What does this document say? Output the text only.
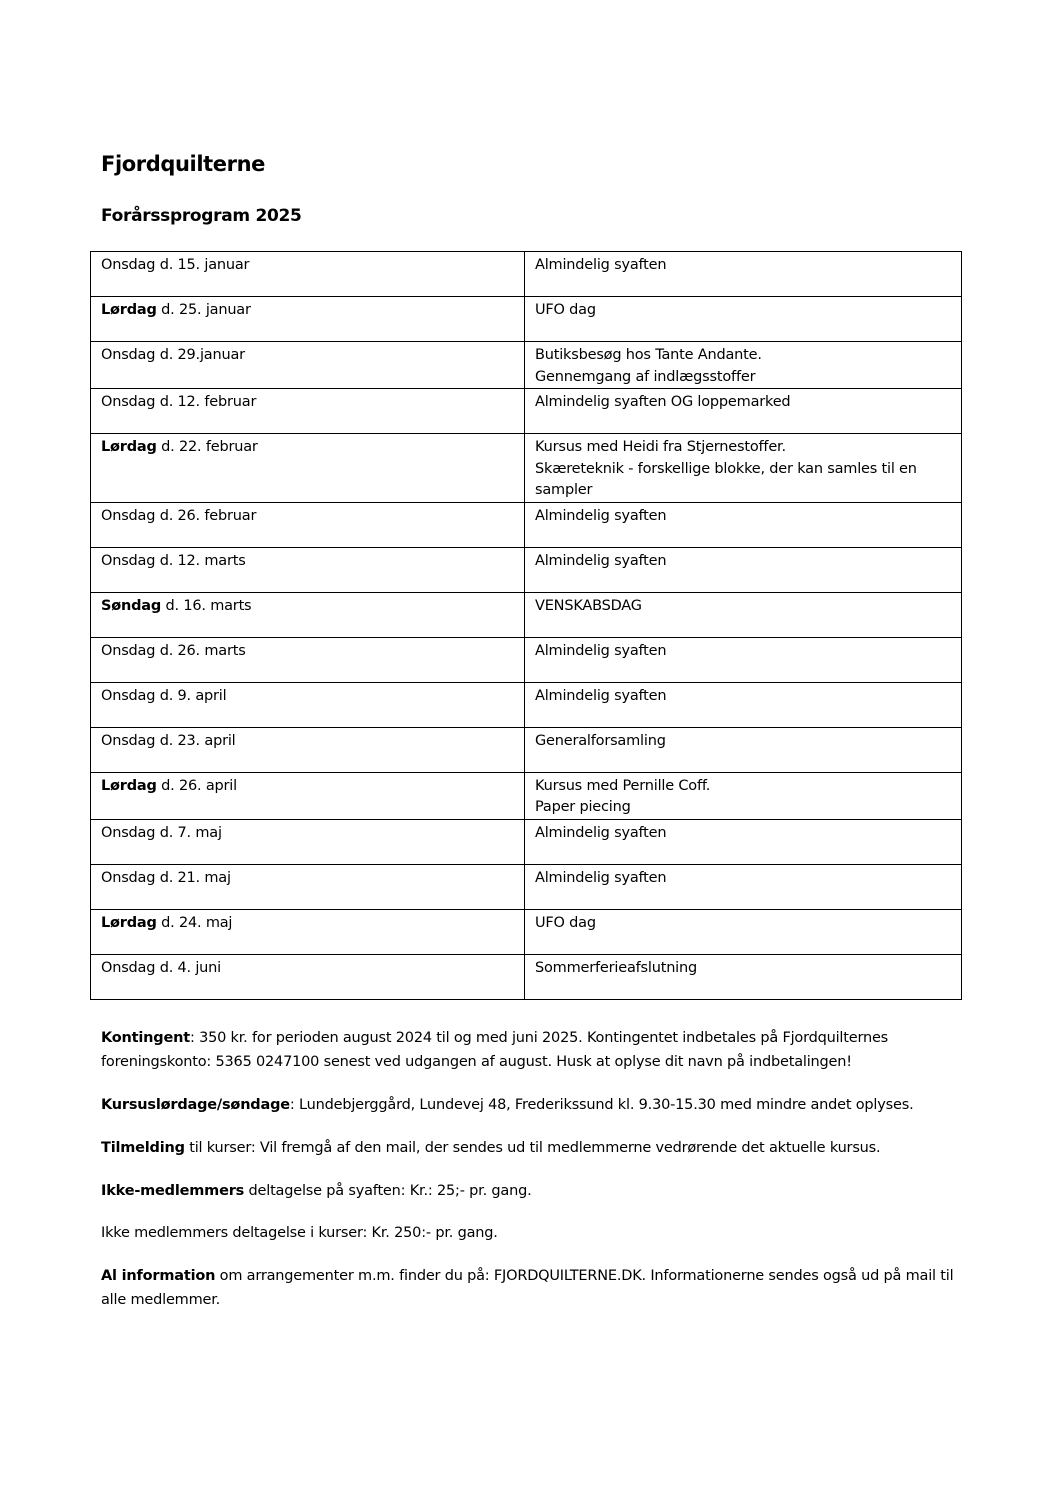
Fjordquilterne
Forårssprogram 2025
Onsdag d. 15. januar	Almindelig syaften

Lørdag d. 25. januar	UFO dag

Onsdag d. 29.januar	Butiksbesøg hos Tante Andante.
Gennemgang af indlægsstoffer

Onsdag d. 12. februar	Almindelig syaften OG loppemarked

Lørdag d. 22. februar	Kursus med Heidi fra Stjernestoffer.
Skæreteknik - forskellige blokke, der kan samles til en
sampler

Onsdag d. 26. februar	Almindelig syaften

Onsdag d. 12. marts	Almindelig syaften

Søndag d. 16. marts	VENSKABSDAG

Onsdag d. 26. marts	Almindelig syaften

Onsdag d. 9. april	Almindelig syaften

Onsdag d. 23. april	Generalforsamling

Lørdag d. 26. april	Kursus med Pernille Coff.
Paper piecing

Onsdag d. 7. maj	Almindelig syaften

Onsdag d. 21. maj	Almindelig syaften

Lørdag d. 24. maj	UFO dag

Onsdag d. 4. juni	Sommerferieafslutning

Kontingent: 350 kr. for perioden august 2024 til og med juni 2025. Kontingentet indbetales på Fjordquilternes foreningskonto: 5365 0247100 senest ved udgangen af august. Husk at oplyse dit navn på indbetalingen!

Kursuslørdage/søndage: Lundebjerggård, Lundevej 48, Frederikssund kl. 9.30-15.30 med mindre andet oplyses.

Tilmelding til kurser: Vil fremgå af den mail, der sendes ud til medlemmerne vedrørende det aktuelle kursus.

Ikke-medlemmers deltagelse på syaften: Kr.: 25;- pr. gang.

Ikke medlemmers deltagelse i kurser: Kr. 250:- pr. gang.

Al information om arrangementer m.m. finder du på: FJORDQUILTERNE.DK. Informationerne sendes også ud på mail til alle medlemmer.
